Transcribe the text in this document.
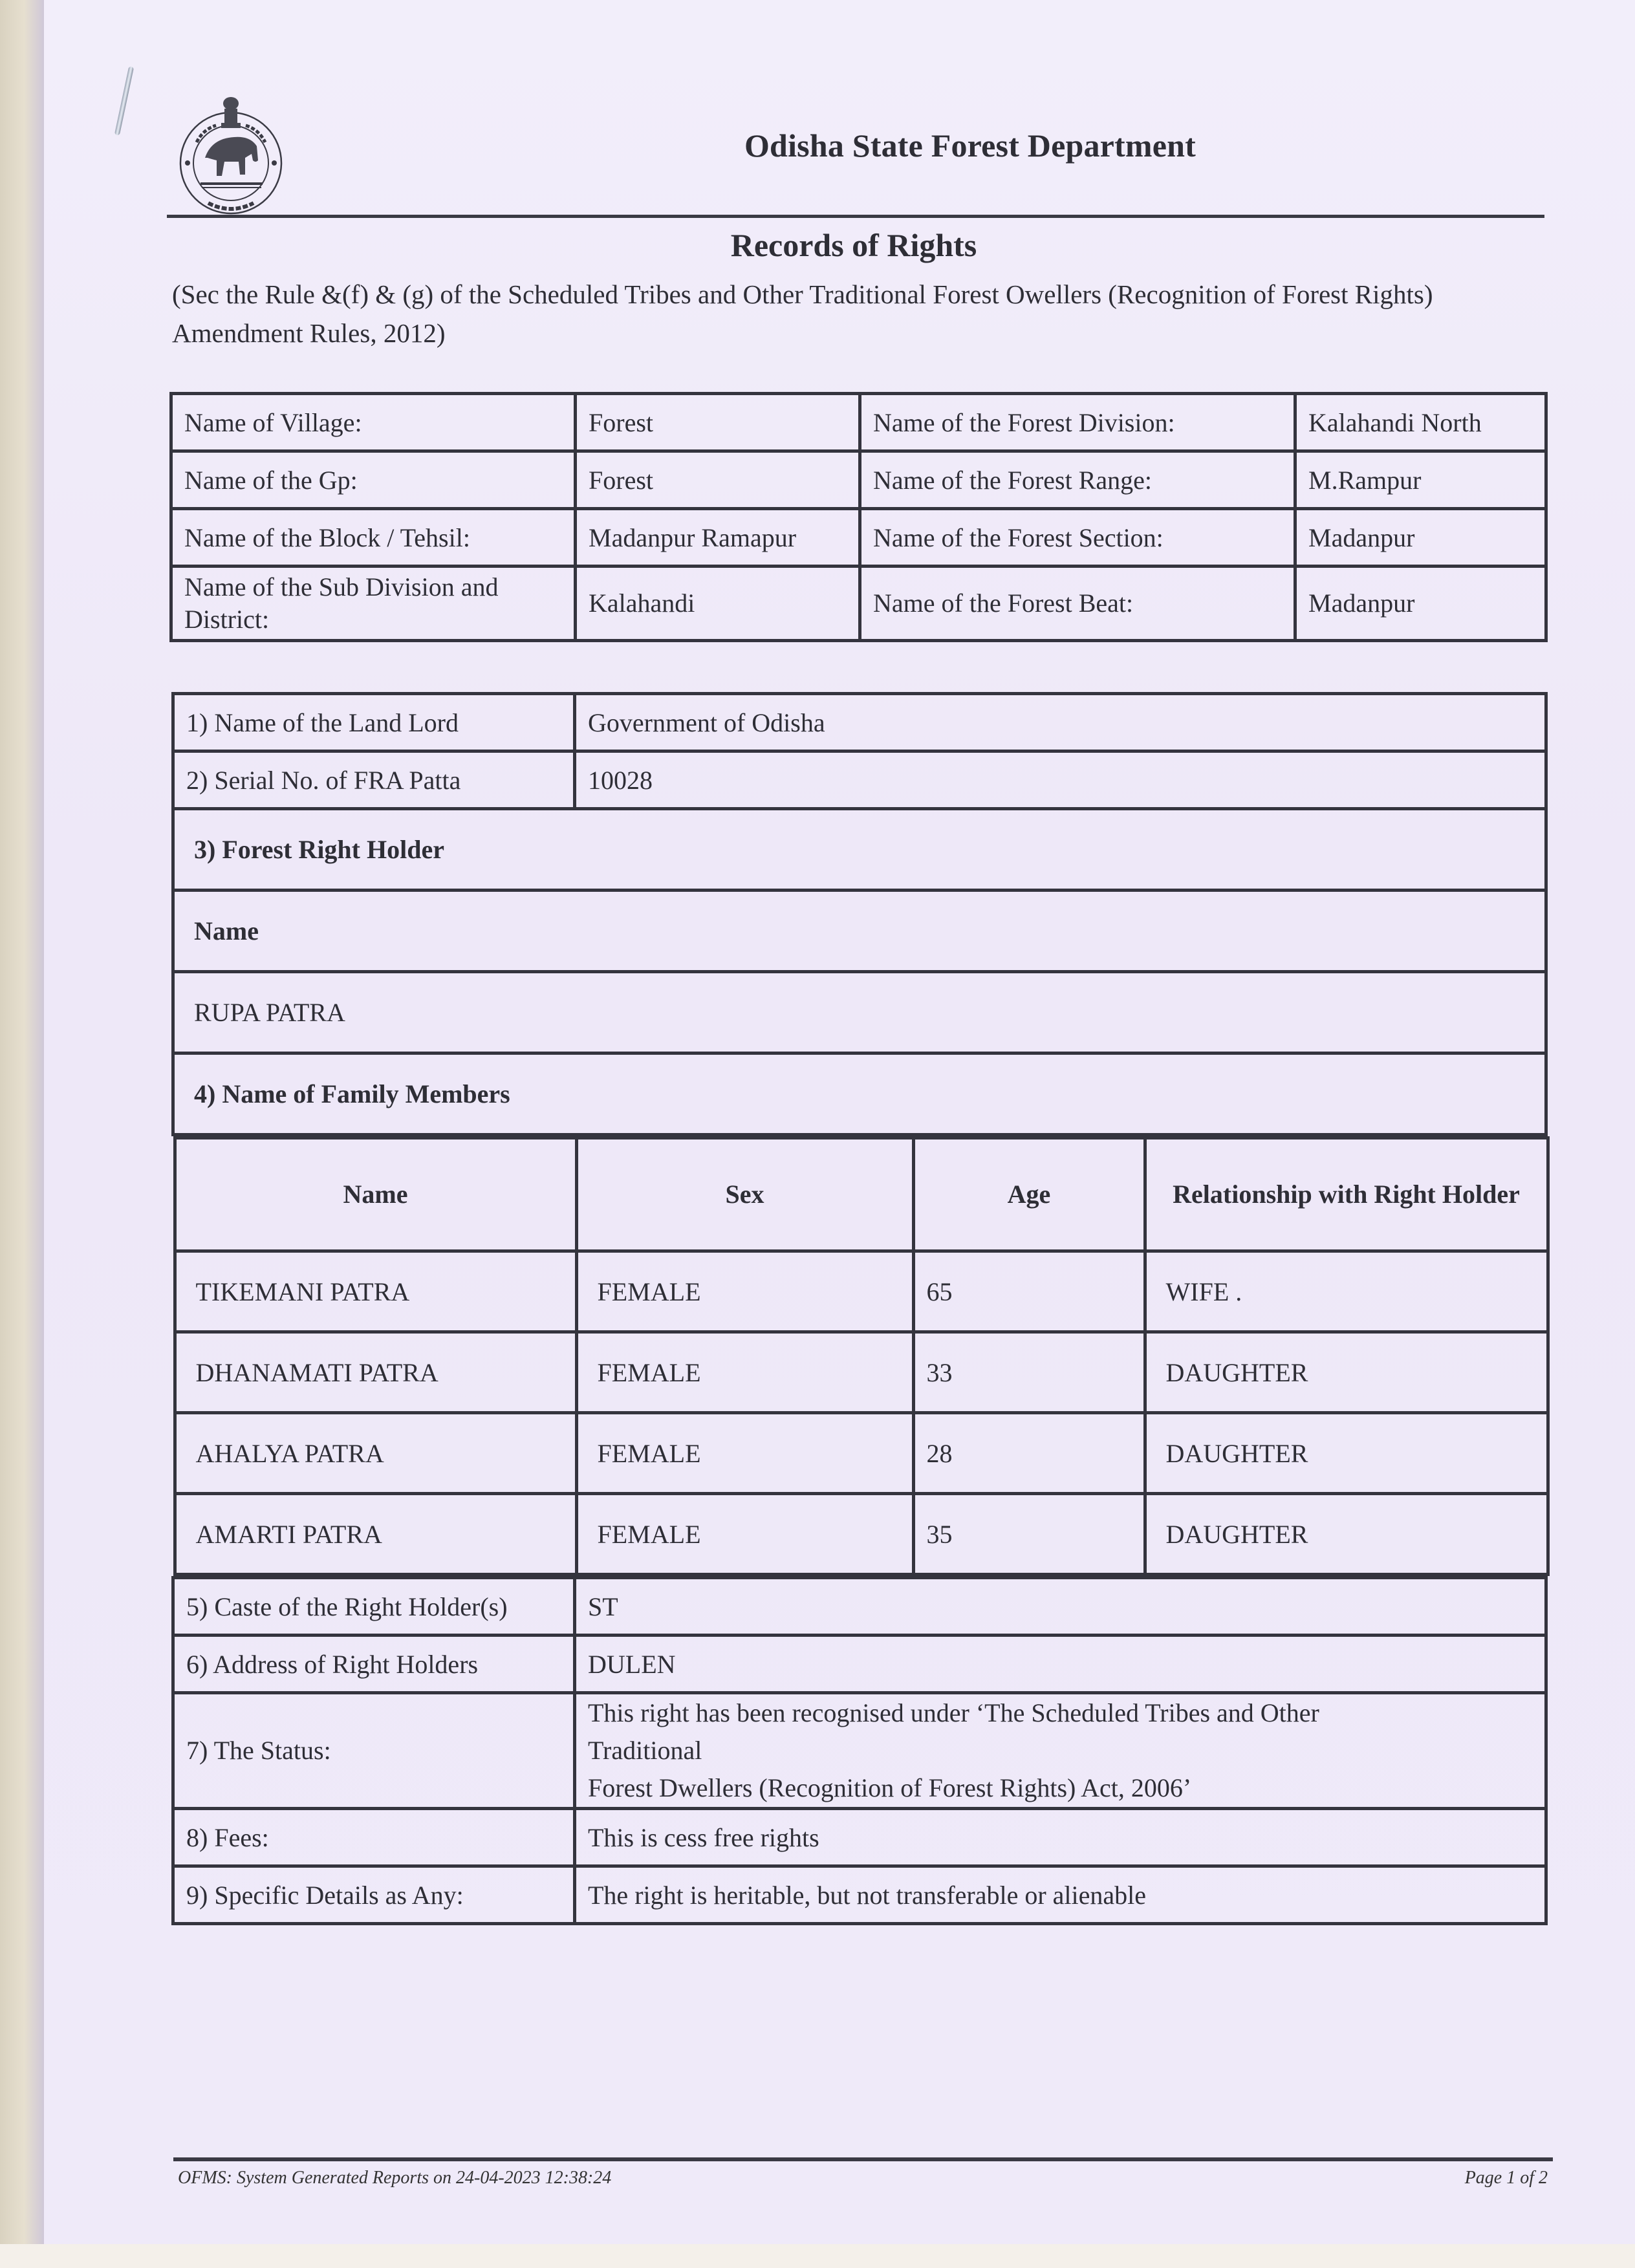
Odisha State Forest Department
Records of Rights
(Sec the Rule &(f) & (g) of the Scheduled Tribes and Other Traditional Forest Owellers (Recognition of Forest Rights) Amendment Rules, 2012)
Name of Village:	Forest	Name of the Forest Division:	Kalahandi North
Name of the Gp:	Forest	Name of the Forest Range:	M.Rampur
Name of the Block / Tehsil:	Madanpur Ramapur	Name of the Forest Section:	Madanpur
Name of the Sub Division and District:	Kalahandi	Name of the Forest Beat:	Madanpur
1) Name of the Land Lord	Government of Odisha
2) Serial No. of FRA Patta	10028
3) Forest Right Holder
Name
RUPA PATRA
4) Name of Family Members

Name	Sex	Age	Relationship with Right Holder
TIKEMANI PATRA	FEMALE	65	WIFE .
DHANAMATI PATRA	FEMALE	33	DAUGHTER
AHALYA PATRA	FEMALE	28	DAUGHTER
AMARTI PATRA	FEMALE	35	DAUGHTER

5) Caste of the Right Holder(s)	ST
6) Address of Right Holders	DULEN
7) The Status:	
This right has been recognised under ‘The Scheduled Tribes and Other
Traditional
Forest Dwellers (Recognition of Forest Rights) Act, 2006’

8) Fees:	This is cess free rights
9) Specific Details as Any:	The right is heritable, but not transferable or alienable
OFMS: System Generated Reports on 24-04-2023 12:38:24	Page 1 of 2
